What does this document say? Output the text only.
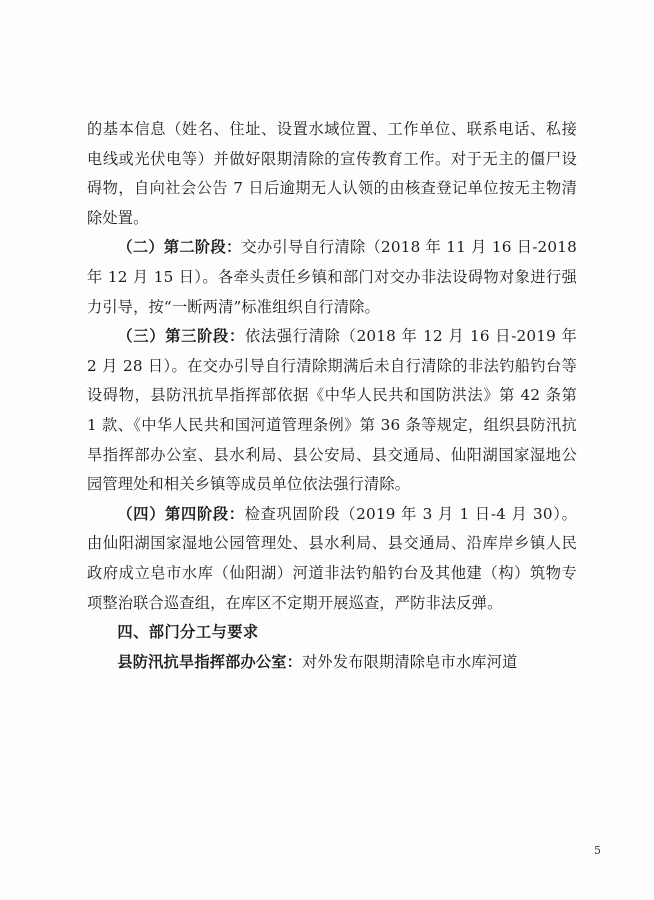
的基本信息（姓名、住址、设置水域位置、工作单位、联系电话、私接电线或光伏电等）并做好限期清除的宣传教育工作。对于无主的僵尸设碍物，自向社会公告 7 日后逾期无人认领的由核查登记单位按无主物清除处置。

（二）第二阶段：交办引导自行清除（2018 年 11 月 16 日-2018 年 12 月 15 日）。各牵头责任乡镇和部门对交办非法设碍物对象进行强力引导，按“一断两清”标准组织自行清除。

（三）第三阶段：依法强行清除（2018 年 12 月 16 日-2019 年 2 月 28 日）。在交办引导自行清除期满后未自行清除的非法钓船钓台等设碍物，县防汛抗旱指挥部依据《中华人民共和国防洪法》第 42 条第 1 款、《中华人民共和国河道管理条例》第 36 条等规定，组织县防汛抗旱指挥部办公室、县水利局、县公安局、县交通局、仙阳湖国家湿地公园管理处和相关乡镇等成员单位依法强行清除。

（四）第四阶段：检查巩固阶段（2019 年 3 月 1 日-4 月 30）。由仙阳湖国家湿地公园管理处、县水利局、县交通局、沿库岸乡镇人民政府成立皂市水库（仙阳湖）河道非法钓船钓台及其他建（构）筑物专项整治联合巡查组，在库区不定期开展巡查，严防非法反弹。

四、部门分工与要求

县防汛抗旱指挥部办公室：对外发布限期清除皂市水库河道

5
